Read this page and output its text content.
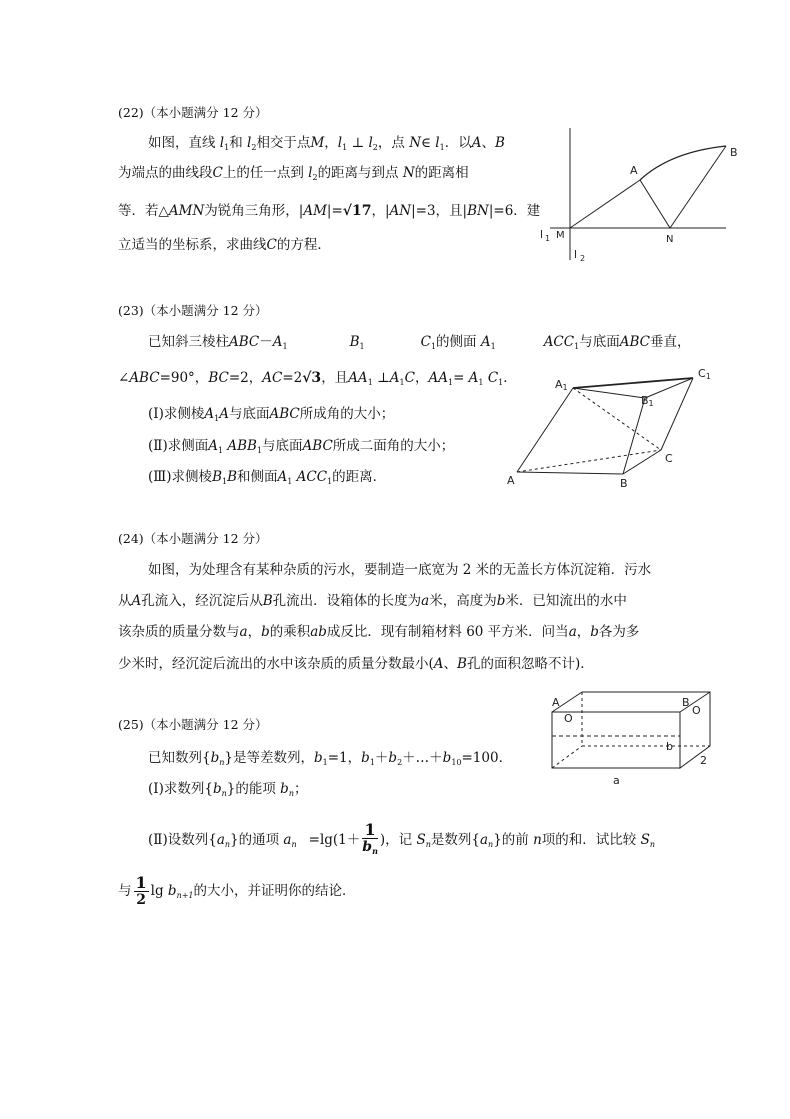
(22)（本小题满分 12 分）
如图，直线 $l_1$和 $l_2$相交于点M，$l_1$ ⊥ $l_2$，点 N∈ $l_1$．以A、B
为端点的曲线段C上的任一点到 $l_2$的距离与到点 N的距离相
等．若△AMN为锐角三角形，|AM|=√17，|AN|=3，且|BN|=6．建
立适当的坐标系，求曲线C的方程．
B
A
M	N
l 1
l 2
(23)（本小题满分 12 分）
已知斜三棱柱$ABC-A_1$	$B_1$	$C_1$的侧面 $A_1$	$ACC_1$与底面ABC垂直，
∠ABC=90°，BC=2，AC=2√3，且$AA_1$ $\perp A_1C$，$AA_1= A_1$ $C_1$．
(Ⅰ)求侧棱$A_1A$与底面ABC所成角的大小；
(Ⅱ)求侧面$A_1$ $ABB_1$与底面ABC所成二面角的大小；
(Ⅲ)求侧棱$B_1B$和侧面$A_1$ $ACC_1$的距离．
A1
B1
C1
A	B
C
(24)（本小题满分 12 分）
如图，为处理含有某种杂质的污水，要制造一底宽为 2 米的无盖长方体沉淀箱．污水
从A孔流入，经沉淀后从B孔流出．设箱体的长度为a米，高度为b米．已知流出的水中
该杂质的质量分数与a，b的乘积ab成反比．现有制箱材料 60 平方米．问当a，b各为多
少米时，经沉淀后流出的水中该杂质的质量分数最小(A、B孔的面积忽略不计)．
A
O
B
O
b
2
a
(25)（本小题满分 12 分）
已知数列$\{b_n\}$是等差数列，$b_1=1$，$b_1+b_2+\dots+b_{10}=100$．
(Ⅰ)求数列$\{b_n\}$的能项 $b_n$；
(Ⅱ)设数列$\{a_n\}$的通项 $a_n =\lg(1+ \frac{1}{b_n}$ )，记 $S_n$是数列$\{a_n\}$的前 n项的和．试比较 $S_n$
与 $\frac{1}{2}$ $\lg b_{n+1}$的大小，并证明你的结论．
